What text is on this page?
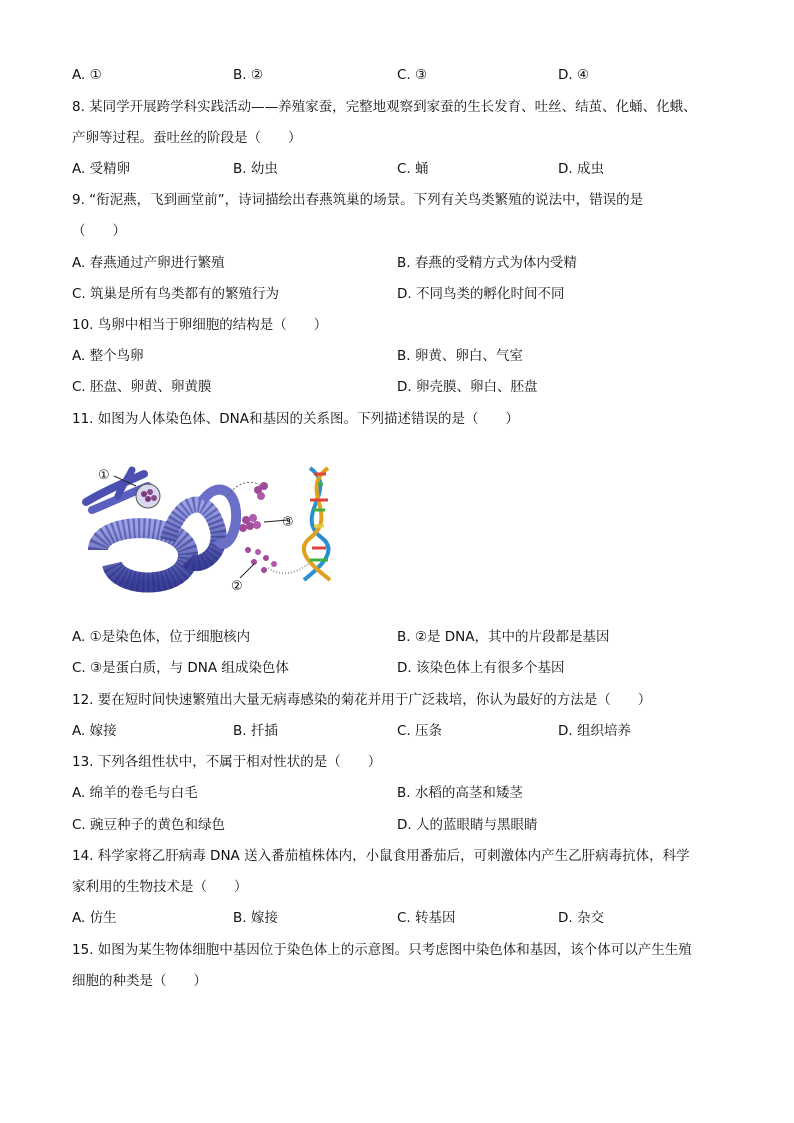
A. ①	B. ②	C. ③	D. ④
8. 某同学开展跨学科实践活动——养殖家蚕，完整地观察到家蚕的生长发育、吐丝、结茧、化蛹、化蛾、
产卵等过程。蚕吐丝的阶段是（　　）
A. 受精卵	B. 幼虫	C. 蛹	D. 成虫
9. “衔泥燕，飞到画堂前”，诗词描绘出春燕筑巢的场景。下列有关鸟类繁殖的说法中，错误的是
（　　）
A. 春燕通过产卵进行繁殖	B. 春燕的受精方式为体内受精
C. 筑巢是所有鸟类都有的繁殖行为	D. 不同鸟类的孵化时间不同
10. 鸟卵中相当于卵细胞的结构是（　　）
A. 整个鸟卵	B. 卵黄、卵白、气室
C. 胚盘、卵黄、卵黄膜	D. 卵壳膜、卵白、胚盘
11. 如图为人体染色体、DNA和基因的关系图。下列描述错误的是（　　）
①
③
②
A. ①是染色体，位于细胞核内	B. ②是 DNA，其中的片段都是基因
C. ③是蛋白质，与 DNA 组成染色体	D. 该染色体上有很多个基因
12. 要在短时间快速繁殖出大量无病毒感染的菊花并用于广泛栽培，你认为最好的方法是（　　）
A. 嫁接	B. 扦插	C. 压条	D. 组织培养
13. 下列各组性状中，不属于相对性状的是（　　）
A. 绵羊的卷毛与白毛	B. 水稻的高茎和矮茎
C. 豌豆种子的黄色和绿色	D. 人的蓝眼睛与黑眼睛
14. 科学家将乙肝病毒 DNA 送入番茄植株体内，小鼠食用番茄后，可刺激体内产生乙肝病毒抗体，科学
家利用的生物技术是（　　）
A. 仿生	B. 嫁接	C. 转基因	D. 杂交
15. 如图为某生物体细胞中基因位于染色体上的示意图。只考虑图中染色体和基因，该个体可以产生生殖
细胞的种类是（　　）
